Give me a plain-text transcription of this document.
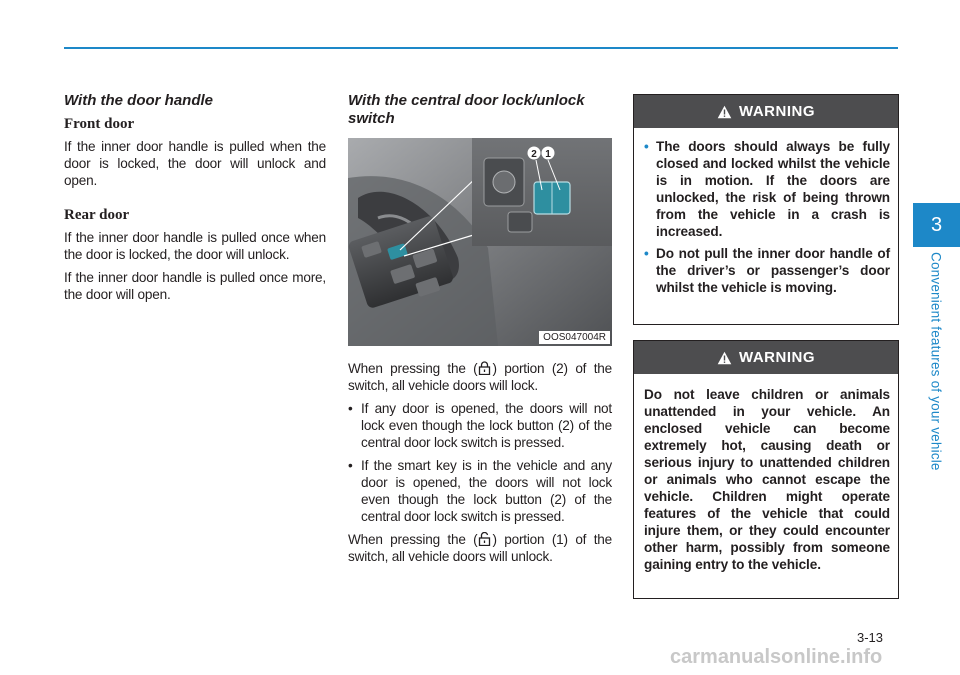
3
Convenient features of your vehicle
With the door handle
Front door

If the inner door handle is pulled when the door is locked, the door will unlock and open.

Rear door

If the inner door handle is pulled once when the door is locked, the door will unlock.

If the inner door handle is pulled once more, the door will open.

With the central door lock/unlock switch
2 1
OOS047004R

When pressing the ( ) portion (2) of the switch, all vehicle doors will lock.

• If any door is opened, the doors will not lock even though the lock button (2) of the central door lock switch is pressed.
• If the smart key is in the vehicle and any door is opened, the doors will not lock even though the lock button (2) of the central door lock switch is pressed.

When pressing the ( ) portion (1) of the switch, all vehicle doors will unlock.

WARNING
• The doors should always be fully closed and locked whilst the vehicle is in motion. If the doors are unlocked, the risk of being thrown from the vehicle in a crash is increased.
• Do not pull the inner door handle of the driver’s or passenger’s door whilst the vehicle is moving.
WARNING

Do not leave children or animals unattended in your vehicle. An enclosed vehicle can become extremely hot, causing death or serious injury to unattended children or animals who cannot escape the vehicle. Children might operate features of the vehicle that could injure them, or they could encounter other harm, possibly from someone gaining entry to the vehicle.

3-13
carmanualsonline.info
